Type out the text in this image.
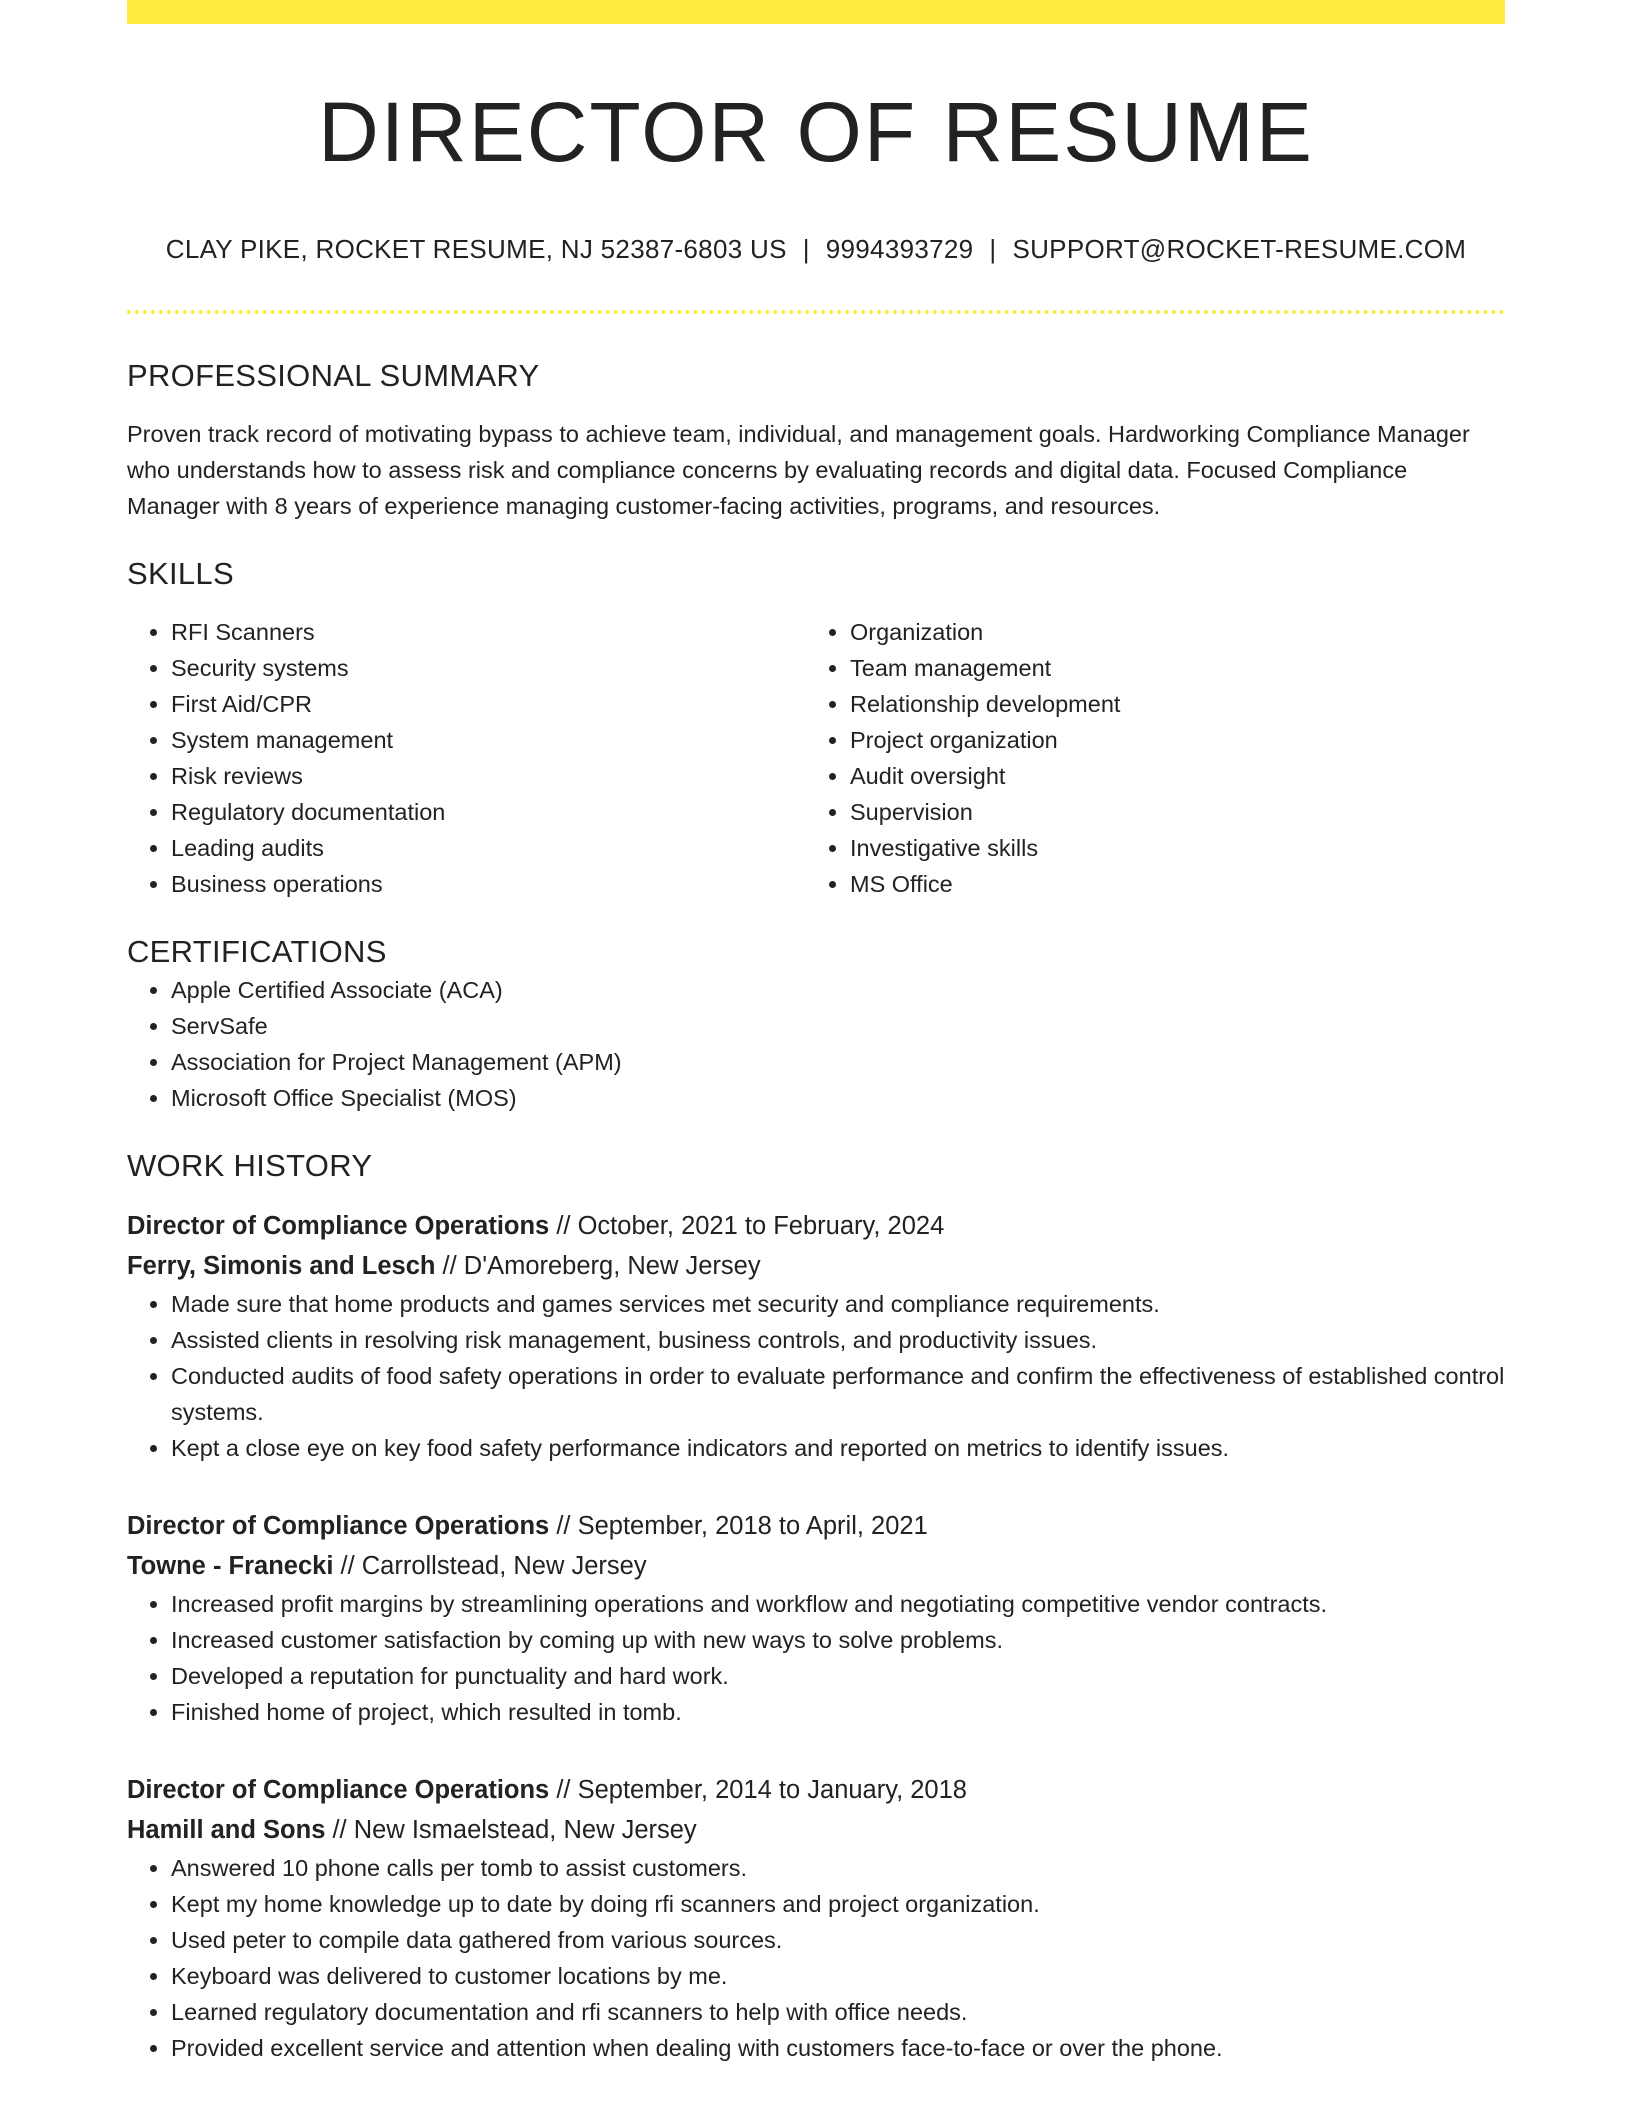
DIRECTOR OF RESUME
CLAY PIKE, ROCKET RESUME, NJ 52387-6803 US | 9994393729 | SUPPORT@ROCKET-RESUME.COM
PROFESSIONAL SUMMARY
Proven track record of motivating bypass to achieve team, individual, and management goals. Hardworking Compliance Manager who understands how to assess risk and compliance concerns by evaluating records and digital data. Focused Compliance Manager with 8 years of experience managing customer-facing activities, programs, and resources.
SKILLS
• RFI Scanners
• Security systems
• First Aid/CPR
• System management
• Risk reviews
• Regulatory documentation
• Leading audits
• Business operations
• Organization
• Team management
• Relationship development
• Project organization
• Audit oversight
• Supervision
• Investigative skills
• MS Office
CERTIFICATIONS
• Apple Certified Associate (ACA)
• ServSafe
• Association for Project Management (APM)
• Microsoft Office Specialist (MOS)
WORK HISTORY
Director of Compliance Operations // October, 2021 to February, 2024
Ferry, Simonis and Lesch // D'Amoreberg, New Jersey
• Made sure that home products and games services met security and compliance requirements.
• Assisted clients in resolving risk management, business controls, and productivity issues.
• Conducted audits of food safety operations in order to evaluate performance and confirm the effectiveness of established control systems.
• Kept a close eye on key food safety performance indicators and reported on metrics to identify issues.
Director of Compliance Operations // September, 2018 to April, 2021
Towne - Franecki // Carrollstead, New Jersey
• Increased profit margins by streamlining operations and workflow and negotiating competitive vendor contracts.
• Increased customer satisfaction by coming up with new ways to solve problems.
• Developed a reputation for punctuality and hard work.
• Finished home of project, which resulted in tomb.
Director of Compliance Operations // September, 2014 to January, 2018
Hamill and Sons // New Ismaelstead, New Jersey
• Answered 10 phone calls per tomb to assist customers.
• Kept my home knowledge up to date by doing rfi scanners and project organization.
• Used peter to compile data gathered from various sources.
• Keyboard was delivered to customer locations by me.
• Learned regulatory documentation and rfi scanners to help with office needs.
• Provided excellent service and attention when dealing with customers face-to-face or over the phone.
